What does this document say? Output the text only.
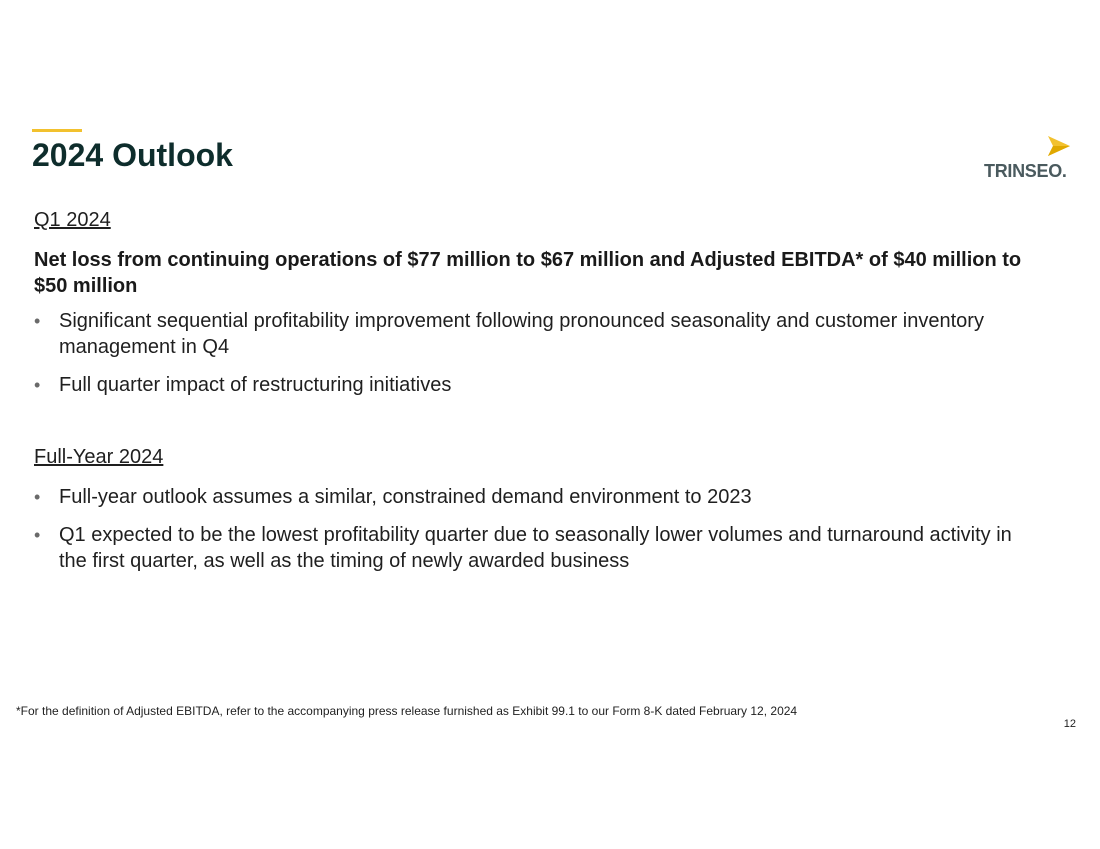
2024 Outlook	TRINSEO.
Q1 2024
Net loss from continuing operations of $77 million to $67 million and Adjusted EBITDA* of $40 million to $50 million
• Significant sequential profitability improvement following pronounced seasonality and customer inventory management in Q4
• Full quarter impact of restructuring initiatives
Full-Year 2024
• Full-year outlook assumes a similar, constrained demand environment to 2023
• Q1 expected to be the lowest profitability quarter due to seasonally lower volumes and turnaround activity in the first quarter, as well as the timing of newly awarded business
*For the definition of Adjusted EBITDA, refer to the accompanying press release furnished as Exhibit 99.1 to our Form 8-K dated February 12, 2024
12
